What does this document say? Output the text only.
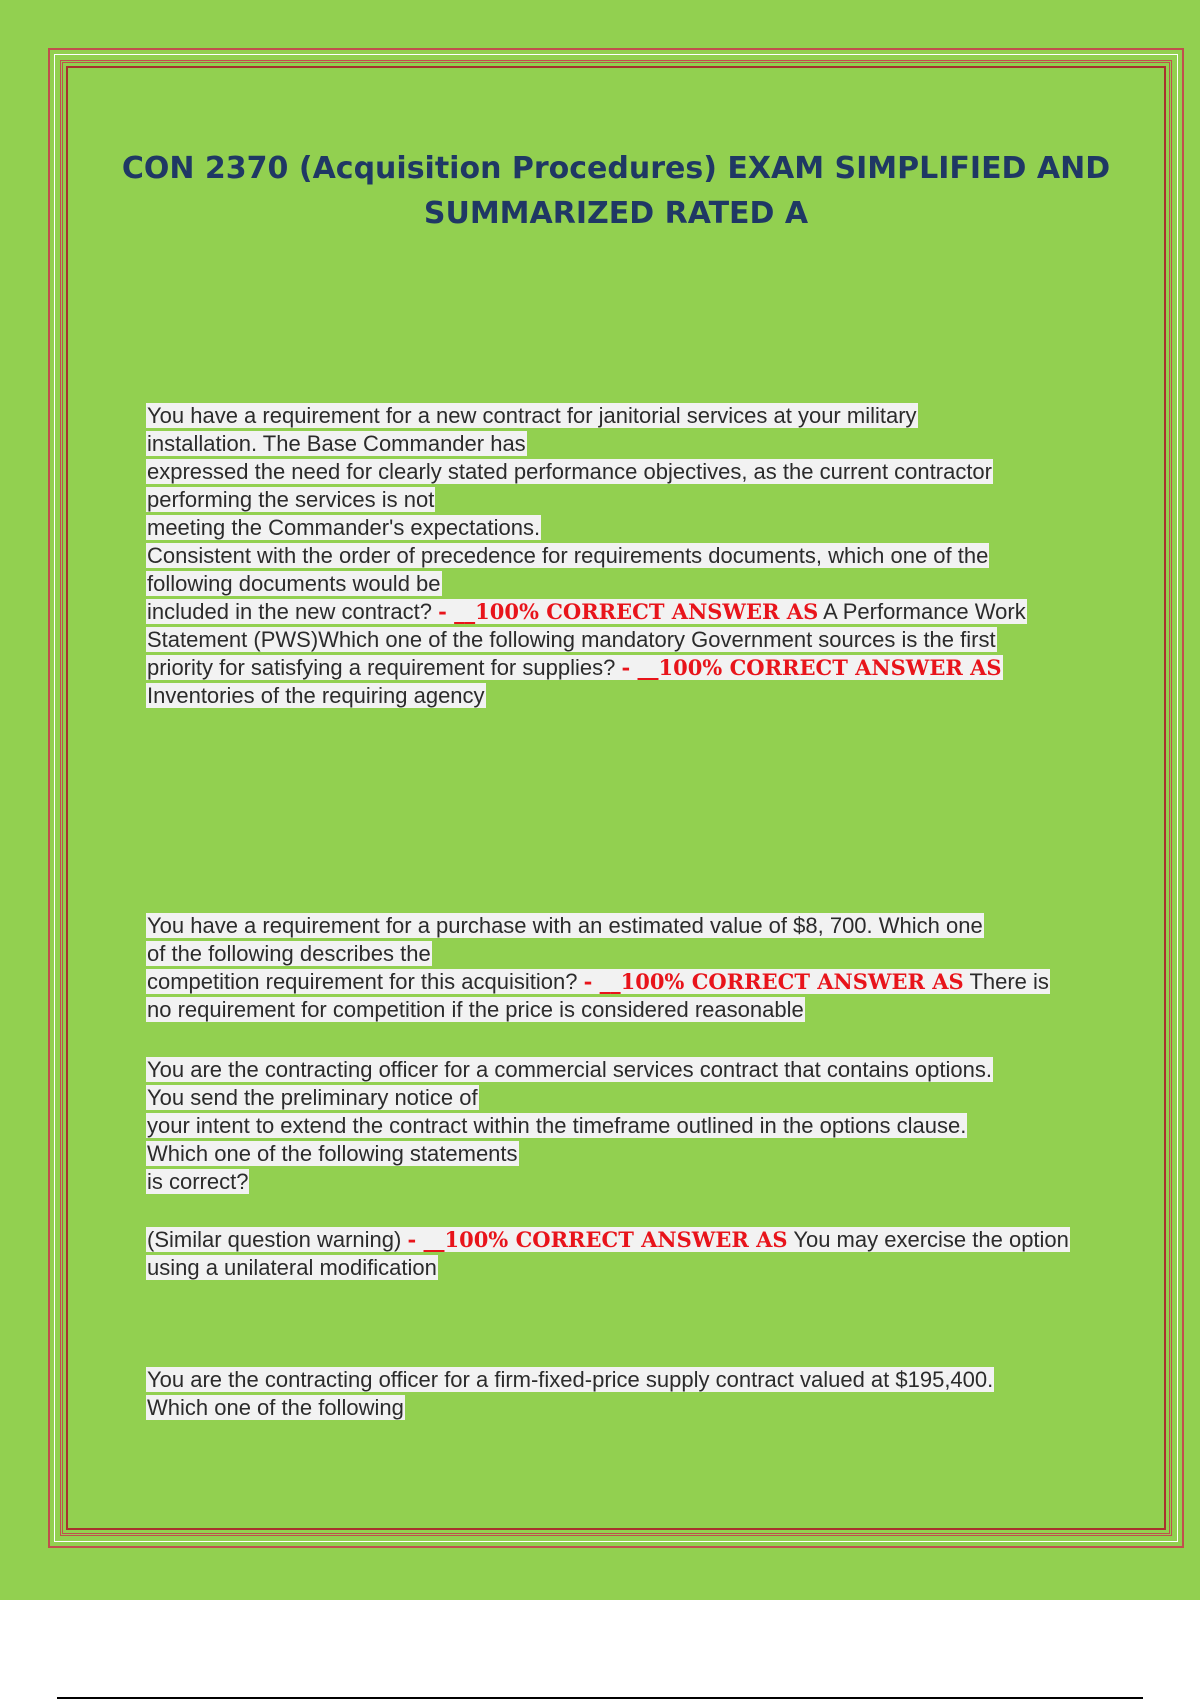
CON 2370 (Acquisition Procedures) EXAM SIMPLIFIED AND
SUMMARIZED RATED A
You have a requirement for a new contract for janitorial services at your military
installation. The Base Commander has
expressed the need for clearly stated performance objectives, as the current contractor
performing the services is not
meeting the Commander's expectations.
Consistent with the order of precedence for requirements documents, which one of the
following documents would be
included in the new contract? - __100% CORRECT ANSWER AS A Performance Work
Statement (PWS)Which one of the following mandatory Government sources is the first
priority for satisfying a requirement for supplies? - __100% CORRECT ANSWER AS
Inventories of the requiring agency
You have a requirement for a purchase with an estimated value of $8, 700. Which one
of the following describes the
competition requirement for this acquisition? - __100% CORRECT ANSWER AS There is
no requirement for competition if the price is considered reasonable
You are the contracting officer for a commercial services contract that contains options.
You send the preliminary notice of
your intent to extend the contract within the timeframe outlined in the options clause.
Which one of the following statements
is correct?
(Similar question warning) - __100% CORRECT ANSWER AS You may exercise the option
using a unilateral modification
You are the contracting officer for a firm-fixed-price supply contract valued at $195,400.
Which one of the following
